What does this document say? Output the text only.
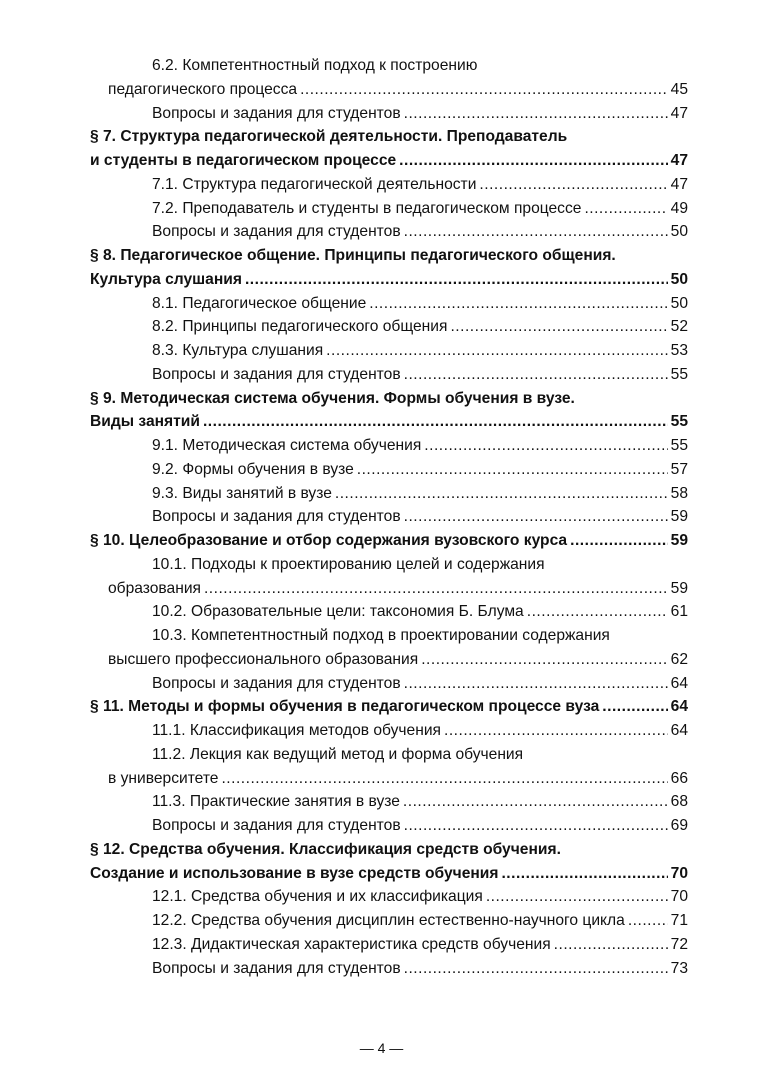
6.2. Компетентностный подход к построению
педагогического процесса .....	45
Вопросы и задания для студентов .....	47
§ 7. Структура педагогической деятельности. Преподаватель
и студенты в педагогическом процессе .....	47
7.1. Структура педагогической деятельности .....	47
7.2. Преподаватель и студенты в педагогическом процессе .....	49
Вопросы и задания для студентов .....	50
§ 8. Педагогическое общение. Принципы педагогического общения.
Культура слушания .....	50
8.1. Педагогическое общение .....	50
8.2. Принципы педагогического общения .....	52
8.3. Культура слушания .....	53
Вопросы и задания для студентов .....	55
§ 9. Методическая система обучения. Формы обучения в вузе.
Виды занятий .....	55
9.1. Методическая система обучения .....	55
9.2. Формы обучения в вузе .....	57
9.3. Виды занятий в вузе .....	58
Вопросы и задания для студентов .....	59
§ 10. Целеобразование и отбор содержания вузовского курса .....	59
10.1. Подходы к проектированию целей и содержания
образования .....	59
10.2. Образовательные цели: таксономия Б. Блума .....	61
10.3. Компетентностный подход в проектировании содержания
высшего профессионального образования .....	62
Вопросы и задания для студентов .....	64
§ 11. Методы и формы обучения в педагогическом процессе вуза .....	64
11.1. Классификация методов обучения .....	64
11.2. Лекция как ведущий метод и форма обучения
в университете .....	66
11.3. Практические занятия в вузе .....	68
Вопросы и задания для студентов .....	69
§ 12. Средства обучения. Классификация средств обучения.
Создание и использование в вузе средств обучения .....	70
12.1. Средства обучения и их классификация .....	70
12.2. Средства обучения дисциплин естественно-научного цикла .....	71
12.3. Дидактическая характеристика средств обучения .....	72
Вопросы и задания для студентов .....	73
— 4 —
